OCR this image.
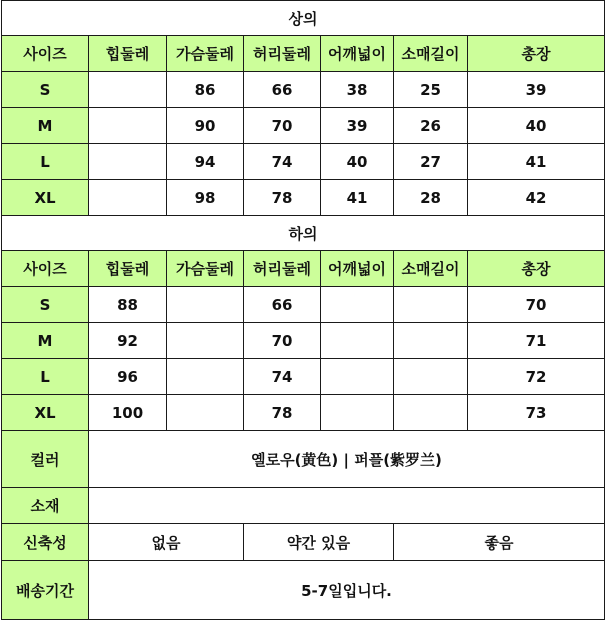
상의						
사이즈	힙둘레	가슴둘레	허리둘레	어깨넓이	소매길이	총장
S		86	66	38	25	39
M		90	70	39	26	40
L		94	74	40	27	41
XL		98	78	41	28	42
하의						
사이즈	힙둘레	가슴둘레	허리둘레	어깨넓이	소매길이	총장
S	88		66			70
M	92		70			71
L	96		74			72
XL	100		78			73
컬러	옐로우(黄色) | 퍼플(紫罗兰)					
소재						
신축성	없음		약간 있음		좋음	
배송기간	5-7일입니다.					
